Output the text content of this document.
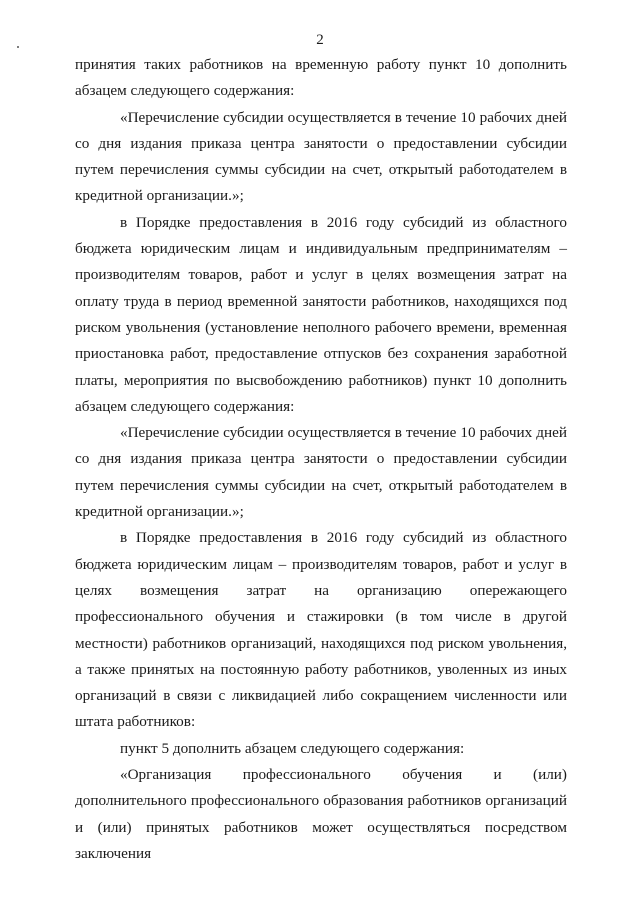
2

принятия таких работников на временную работу пункт 10 дополнить абзацем следующего содержания:

«Перечисление субсидии осуществляется в течение 10 рабочих дней со дня издания приказа центра занятости о предоставлении субсидии путем перечисления суммы субсидии на счет, открытый работодателем в кредитной организации.»;

в Порядке предоставления в 2016 году субсидий из областного бюджета юридическим лицам и индивидуальным предпринимателям – производителям товаров, работ и услуг в целях возмещения затрат на оплату труда в период временной занятости работников, находящихся под риском увольнения (установление неполного рабочего времени, временная приостановка работ, предоставление отпусков без сохранения заработной платы, мероприятия по высвобождению работников) пункт 10 дополнить абзацем следующего содержания:

«Перечисление субсидии осуществляется в течение 10 рабочих дней со дня издания приказа центра занятости о предоставлении субсидии путем перечисления суммы субсидии на счет, открытый работодателем в кредитной организации.»;

в Порядке предоставления в 2016 году субсидий из областного бюджета юридическим лицам – производителям товаров, работ и услуг в целях возмещения затрат на организацию опережающего профессионального обучения и стажировки (в том числе в другой местности) работников организаций, находящихся под риском увольнения, а также принятых на постоянную работу работников, уволенных из иных организаций в связи с ликвидацией либо сокращением численности или штата работников:

пункт 5 дополнить абзацем следующего содержания:

«Организация профессионального обучения и (или) дополнительного профессионального образования работников организаций и (или) принятых работников может осуществляться посредством заключения
